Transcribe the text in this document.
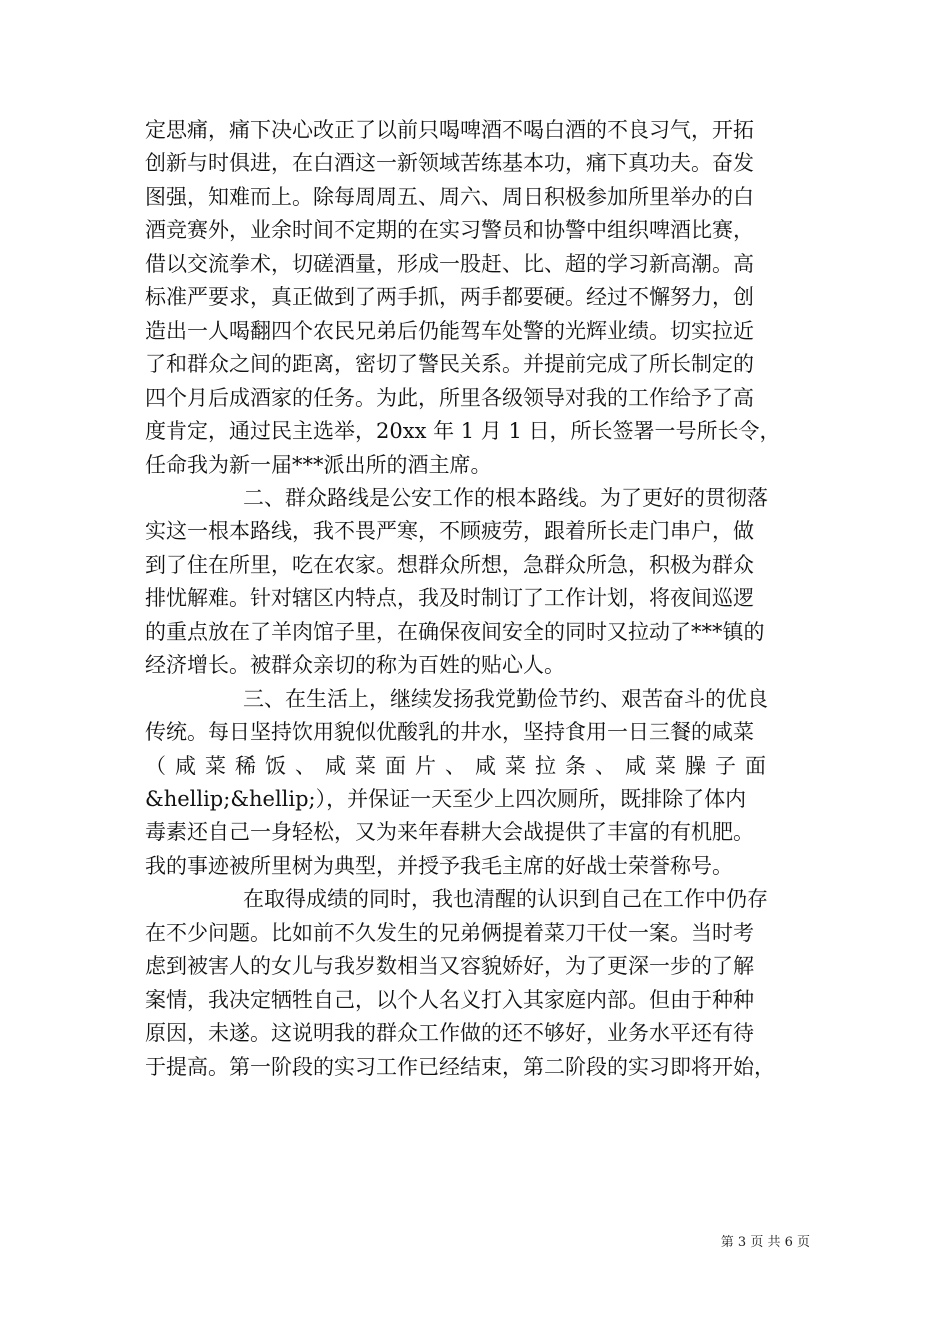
定思痛，痛下决心改正了以前只喝啤酒不喝白酒的不良习气，开拓
创新与时俱进，在白酒这一新领域苦练基本功，痛下真功夫。奋发
图强，知难而上。除每周周五、周六、周日积极参加所里举办的白
酒竞赛外，业余时间不定期的在实习警员和协警中组织啤酒比赛，
借以交流拳术，切磋酒量，形成一股赶、比、超的学习新高潮。高
标准严要求，真正做到了两手抓，两手都要硬。经过不懈努力，创
造出一人喝翻四个农民兄弟后仍能驾车处警的光辉业绩。切实拉近
了和群众之间的距离，密切了警民关系。并提前完成了所长制定的
四个月后成酒家的任务。为此，所里各级领导对我的工作给予了高
度肯定，通过民主选举，20xx 年 1 月 1 日，所长签署一号所长令，
任命我为新一届***派出所的酒主席。
二、群众路线是公安工作的根本路线。为了更好的贯彻落
实这一根本路线，我不畏严寒，不顾疲劳，跟着所长走门串户，做
到了住在所里，吃在农家。想群众所想，急群众所急，积极为群众
排忧解难。针对辖区内特点，我及时制订了工作计划，将夜间巡逻
的重点放在了羊肉馆子里，在确保夜间安全的同时又拉动了***镇的
经济增长。被群众亲切的称为百姓的贴心人。
三、在生活上，继续发扬我党勤俭节约、艰苦奋斗的优良
传统。每日坚持饮用貌似优酸乳的井水，坚持食用一日三餐的咸菜
（咸菜稀饭、咸菜面片、咸菜拉条、咸菜臊子面
&hellip;&hellip;），并保证一天至少上四次厕所，既排除了体内
毒素还自己一身轻松，又为来年春耕大会战提供了丰富的有机肥。
我的事迹被所里树为典型，并授予我毛主席的好战士荣誉称号。
在取得成绩的同时，我也清醒的认识到自己在工作中仍存
在不少问题。比如前不久发生的兄弟俩提着菜刀干仗一案。当时考
虑到被害人的女儿与我岁数相当又容貌娇好，为了更深一步的了解
案情，我决定牺牲自己，以个人名义打入其家庭内部。但由于种种
原因，未遂。这说明我的群众工作做的还不够好，业务水平还有待
于提高。第一阶段的实习工作已经结束，第二阶段的实习即将开始，
第 3 页 共 6 页
